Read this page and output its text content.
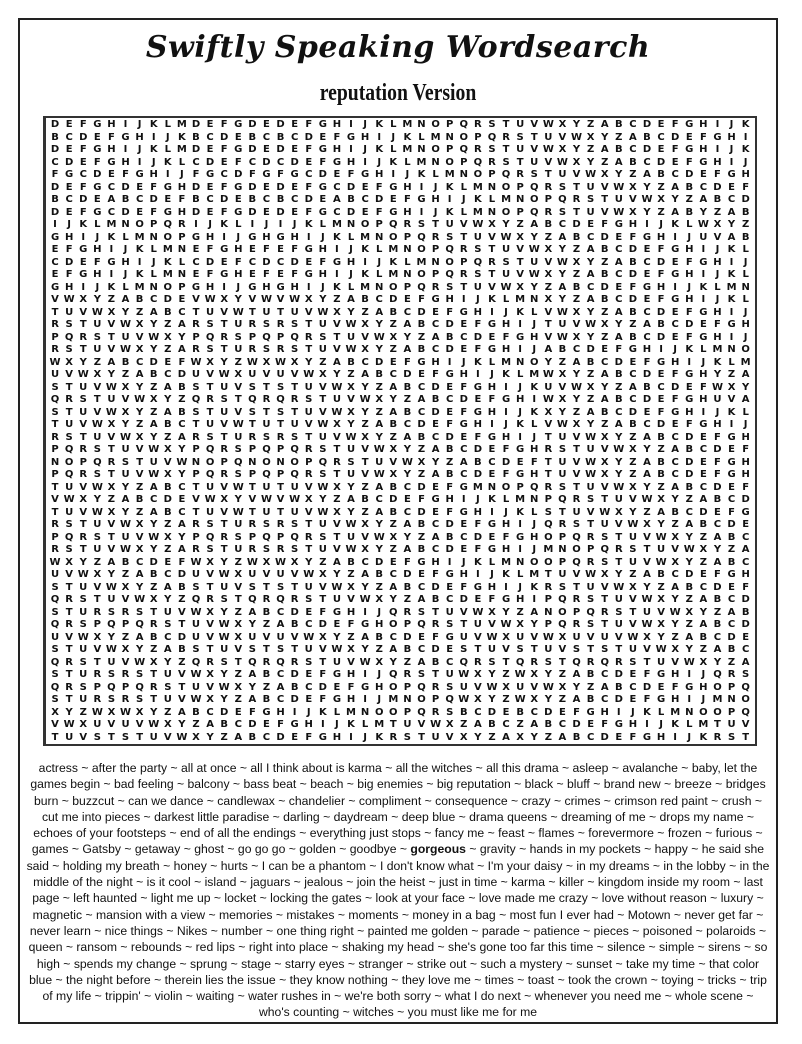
Swiftly Speaking Wordsearch
reputation Version
D E F G H I	J K L M D E F G D E D E F G H I	J K L M N O P Q R S T U V W X Y Z A B C D E F G H I	J K
B C D E F G H I	J K B C D E B C B C D E F G H I	J K L M N O P Q R S T U V W X Y Z A B C D E F G H I
D E F G H I	J K L M D E F G D E D E F G H I	J K L M N O P Q R S T U V W X Y Z A B C D E F G H I	J K
C D E F G H I	J K L C D E F C D C D E F G H I	J K L M N O P Q R S T U V W X Y Z A B C D E F G H I	J
F G C D E F G H I	J F G C D F G F G C D E F G H I	J K L M N O P Q R S T U V W X Y Z A B C D E F G H
D E F G C D E F G H D E F G D E D E F G C D E F G H I	J K L M N O P Q R S T U V W X Y Z A B C D E F
B C D E A B C D E F B C D E B C B C D E A B C D E F G H I	J K L M N O P Q R S T U V W X Y Z A B C D
D E F G C D E F G H D E F G D E D E F G C D E F G H I	J K L M N O P Q R S T U V W X Y Z A B Y Z A B
I	J K L M N O P Q R I	J K L I	J	I	J K L M N O P Q R S T U V W X Y Z A B C D E F G H I	J K L W X Y Z
G H I	J K L M N O P G H I	J G H G H I	J K L M N O P Q R S T U V W X Y Z A B C D E F G H I	J U V A B
E F G H I	J K L M N E F G H E F E F G H I	J K L M N O P Q R S T U V W X Y Z A B C D E F G H I	J K L
C D E F G H I	J K L C D E F C D C D E F G H I	J K L M N O P Q R S T U V W X Y Z A B C D E F G H I	J
E F G H I	J K L M N E F G H E F E F G H I	J K L M N O P Q R S T U V W X Y Z A B C D E F G H I	J K L
G H I	J K L M N O P G H I	J G H G H I	J K L M N O P Q R S T U V W X Y Z A B C D E F G H I	J K L M N
V W X Y Z A B C D E V W X Y V W V W X Y Z A B C D E F G H I	J K L M N X Y Z A B C D E F G H I	J K L
T U V W X Y Z A B C T U V W T U T U V W X Y Z A B C D E F G H I	J K L V W X Y Z A B C D E F G H I	J
R S T U V W X Y Z A R S T U R S R S T U V W X Y Z A B C D E F G H I	J T U V W X Y Z A B C D E F G H
P Q R S T U V W X Y P Q R S P Q P Q R S T U V W X Y Z A B C D E F G H V W X Y Z A B C D E F G H I	J
R S T U V W X Y Z A R S T U R S R S T U V W X Y Z A B C D E F G H I	J A B C D E F G H I	J K L M N O
W X Y Z A B C D E F W X Y Z W X W X Y Z A B C D E F G H I	J K L M N O Y Z A B C D E F G H I	J K L M
U V W X Y Z A B C D U V W X U V U V W X Y Z A B C D E F G H I	J K L M W X Y Z A B C D E F G H Y Z A
S T U V W X Y Z A B S T U V S T S T U V W X Y Z A B C D E F G H I	J K U V W X Y Z A B C D E F W X Y
Q R S T U V W X Y Z Q R S T Q R Q R S T U V W X Y Z A B C D E F G H I W X Y Z A B C D E F G H U V A
S T U V W X Y Z A B S T U V S T S T U V W X Y Z A B C D E F G H I	J K X Y Z A B C D E F G H I	J K L
T U V W X Y Z A B C T U V W T U T U V W X Y Z A B C D E F G H I	J K L V W X Y Z A B C D E F G H I	J
R S T U V W X Y Z A R S T U R S R S T U V W X Y Z A B C D E F G H I	J T U V W X Y Z A B C D E F G H
P Q R S T U V W X Y P Q R S P Q P Q R S T U V W X Y Z A B C D E F G H R S T U V W X Y Z A B C D E F
N O P Q R S T U V W N O P Q N O N O P Q R S T U V W X Y Z A B C D E F T U V W X Y Z A B C D E F G H
P Q R S T U V W X Y P Q R S P Q P Q R S T U V W X Y Z A B C D E F G H T U V W X Y Z A B C D E F G H
T U V W X Y Z A B C T U V W T U T U V W X Y Z A B C D E F G M N O P Q R S T U V W X Y Z A B C D E F
V W X Y Z A B C D E V W X Y V W V W X Y Z A B C D E F G H I	J K L M N P Q R S T U V W X Y Z A B C D
T U V W X Y Z A B C T U V W T U T U V W X Y Z A B C D E F G H I	J K L S T U V W X Y Z A B C D E F G
R S T U V W X Y Z A R S T U R S R S T U V W X Y Z A B C D E F G H I	J Q R S T U V W X Y Z A B C D E
P Q R S T U V W X Y P Q R S P Q P Q R S T U V W X Y Z A B C D E F G H O P Q R S T U V W X Y Z A B C
R S T U V W X Y Z A R S T U R S R S T U V W X Y Z A B C D E F G H I	J M N O P Q R S T U V W X Y Z A
W X Y Z A B C D E F W X Y Z W X W X Y Z A B C D E F G H I	J K L M N O O P Q R S T U V W X Y Z A B C
U V W X Y Z A B C D U V W X U V U V W X Y Z A B C D E F G H I	J K L M T U V W X Y Z A B C D E F G H
S T U V W X Y Z A B S T U V S T S T U V W X Y Z A B C D E F G H I	J K R S T U V W X Y Z A B C D E F
Q R S T U V W X Y Z Q R S T Q R Q R S T U V W X Y Z A B C D E F G H I P Q R S T U V W X Y Z A B C D
S T U R S R S T U V W X Y Z A B C D E F G H I	J Q R S T U V W X Y Z A N O P Q R S T U V W X Y Z A B
Q R S P Q P Q R S T U V W X Y Z A B C D E F G H O P Q R S T U V W X Y P Q R S T U V W X Y Z A B C D
U V W X Y Z A B C D U V W X U V U V W X Y Z A B C D E F G U V W X U V W X U V U V W X Y Z A B C D E
S T U V W X Y Z A B S T U V S T S T U V W X Y Z A B C D E S T U V S T U V S T S T U V W X Y Z A B C
Q R S T U V W X Y Z Q R S T Q R Q R S T U V W X Y Z A B C Q R S T Q R S T Q R Q R S T U V W X Y Z A
S T U R S R S T U V W X Y Z A B C D E F G H I	J Q R S T U W X Y Z W X Y Z A B C D E F G H I	J Q R S
Q R S P Q P Q R S T U V W X Y Z A B C D E F G H O P Q R S U V W X U V W X Y Z A B C D E F G H O P Q
S T U R S R S T U V W X Y Z A B C D E F G H I	J M N O P Q W X Y Z W X Y Z A B C D E F G H I	J M N O
X Y Z W X W X Y Z A B C D E F G H I	J K L M N O O P Q R S B C D E B C D E F G H I	J K L M N O O P Q
V W X U V U V W X Y Z A B C D E F G H I	J K L M T U V W X Z A B C Z A B C D E F G H I	J K L M T U V
T U V S T S T U V W X Y Z A B C D E F G H I	J K R S T U V X Y Z A X Y Z A B C D E F G H I	J K R S T
actress ~ after the party ~ all at once ~ all I think about is karma ~ all the witches ~ all this drama ~ asleep ~ avalanche ~ baby, let the games begin ~ bad feeling ~ balcony ~ bass beat ~ beach ~ big enemies ~ big reputation ~ black ~ bluff ~ brand new ~ breeze ~ bridges burn ~ buzzcut ~ can we dance ~ candlewax ~ chandelier ~ compliment ~ consequence ~ crazy ~ crimes ~ crimson red paint ~ crush ~ cut me into pieces ~ darkest little paradise ~ darling ~ daydream ~ deep blue ~ drama queens ~ dreaming of me ~ drops my name ~ echoes of your footsteps ~ end of all the endings ~ everything just stops ~ fancy me ~ feast ~ flames ~ forevermore ~ frozen ~ furious ~ games ~ Gatsby ~ getaway ~ ghost ~ go go go ~ golden ~ goodbye ~ gorgeous ~ gravity ~ hands in my pockets ~ happy ~ he said she said ~ holding my breath ~ honey ~ hurts ~ I can be a phantom ~ I don't know what ~ I'm your daisy ~ in my dreams ~ in the lobby ~ in the middle of the night ~ is it cool ~ island ~ jaguars ~ jealous ~ join the heist ~ just in time ~ karma ~ killer ~ kingdom inside my room ~ last page ~ left haunted ~ light me up ~ locket ~ locking the gates ~ look at your face ~ love made me crazy ~ love without reason ~ luxury ~ magnetic ~ mansion with a view ~ memories ~ mistakes ~ moments ~ money in a bag ~ most fun I ever had ~ Motown ~ never get far ~ never learn ~ nice things ~ Nikes ~ number ~ one thing right ~ painted me golden ~ parade ~ patience ~ pieces ~ poisoned ~ polaroids ~ queen ~ ransom ~ rebounds ~ red lips ~ right into place ~ shaking my head ~ she's gone too far this time ~ silence ~ simple ~ sirens ~ so high ~ spends my change ~ sprung ~ stage ~ starry eyes ~ stranger ~ strike out ~ such a mystery ~ sunset ~ take my time ~ that color blue ~ the night before ~ therein lies the issue ~ they know nothing ~ they love me ~ times ~ toast ~ took the crown ~ toying ~ tricks ~ trip of my life ~ trippin' ~ violin ~ waiting ~ water rushes in ~ we're both sorry ~ what I do next ~ whenever you need me ~ whole scene ~ who's counting ~ witches ~ you must like me for me
